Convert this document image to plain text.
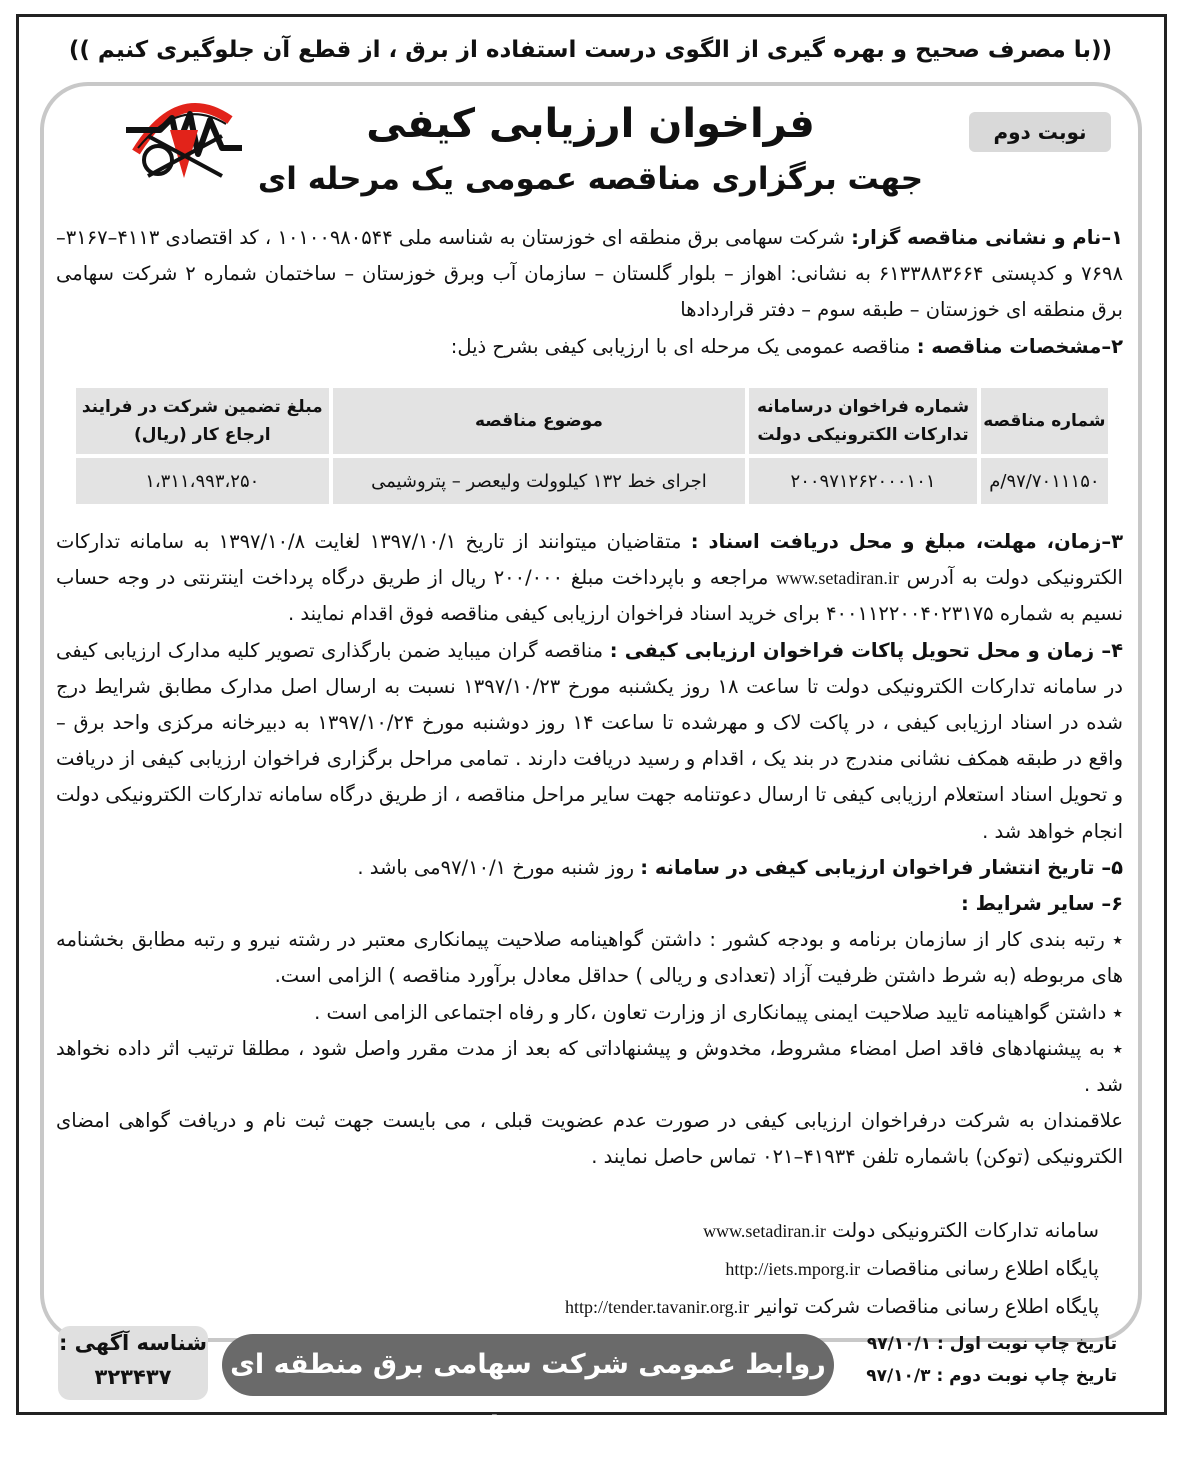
((با مصرف صحیح و بهره گیری از الگوی درست استفاده از برق ، از قطع آن جلوگیری کنیم ))
فراخوان ارزیابی کیفی
جهت برگزاری مناقصه عمومی یک مرحله ای
نوبت دوم

۱–نام و نشانی مناقصه گزار: شرکت سهامی برق منطقه ای خوزستان به شناسه ملی ۱۰۱۰۰۹۸۰۵۴۴ ، کد اقتصادی ۴۱۱۳–۳۱۶۷–۷۶۹۸ و کدپستی ۶۱۳۳۸۸۳۶۶۴ به نشانی: اهواز – بلوار گلستان – سازمان آب وبرق خوزستان – ساختمان شماره ۲ شرکت سهامی برق منطقه ای خوزستان – طبقه سوم – دفتر قراردادها

۲–مشخصات مناقصه : مناقصه عمومی یک مرحله ای با ارزیابی کیفی بشرح ذیل:

شماره مناقصه	شماره فراخوان درسامانه تدارکات الکترونیکی دولت	موضوع مناقصه	مبلغ تضمین شرکت در فرایند ارجاع کار (ریال)
۹۷/۷۰۱۱۱۵۰/م	۲۰۰۹۷۱۲۶۲۰۰۰۱۰۱	اجرای خط ۱۳۲ کیلوولت ولیعصر – پتروشیمی	۱،۳۱۱،۹۹۳،۲۵۰

۳–زمان، مهلت، مبلغ و محل دریافت اسناد : متقاضیان میتوانند از تاریخ ۱۳۹۷/۱۰/۱ لغایت ۱۳۹۷/۱۰/۸ به سامانه تدارکات الکترونیکی دولت به آدرس www.setadiran.ir مراجعه و باپرداخت مبلغ ۲۰۰/۰۰۰ ریال از طریق درگاه پرداخت اینترنتی در وجه حساب نسیم به شماره ۴۰۰۱۱۲۲۰۰۴۰۲۳۱۷۵ برای خرید اسناد فراخوان ارزیابی کیفی مناقصه فوق اقدام نمایند .

۴– زمان و محل تحویل پاکات فراخوان ارزیابی کیفی : مناقصه گران میباید ضمن بارگذاری تصویر کلیه مدارک ارزیابی کیفی در سامانه تدارکات الکترونیکی دولت تا ساعت ۱۸ روز یکشنبه مورخ ۱۳۹۷/۱۰/۲۳ نسبت به ارسال اصل مدارک مطابق شرایط درج شده در اسناد ارزیابی کیفی ، در پاکت لاک و مهرشده تا ساعت ۱۴ روز دوشنبه مورخ ۱۳۹۷/۱۰/۲۴ به دبیرخانه مرکزی واحد برق – واقع در طبقه همکف نشانی مندرج در بند یک ، اقدام و رسید دریافت دارند . تمامی مراحل برگزاری فراخوان ارزیابی کیفی از دریافت و تحویل اسناد استعلام ارزیابی کیفی تا ارسال دعوتنامه جهت سایر مراحل مناقصه ، از طریق درگاه سامانه تدارکات الکترونیکی دولت انجام خواهد شد .

۵– تاریخ انتشار فراخوان ارزیابی کیفی در سامانه : روز شنبه مورخ ۹۷/۱۰/۱می باشد .

۶– سایر شرایط :

٭ رتبه بندی کار از سازمان برنامه و بودجه کشور : داشتن گواهینامه صلاحیت پیمانکاری معتبر در رشته نیرو و رتبه مطابق بخشنامه های مربوطه (به شرط داشتن ظرفیت آزاد (تعدادی و ریالی ) حداقل معادل برآورد مناقصه ) الزامی است.

٭ داشتن گواهینامه تایید صلاحیت ایمنی پیمانکاری از وزارت تعاون ،کار و رفاه اجتماعی الزامی است .

٭ به پیشنهادهای فاقد اصل امضاء مشروط، مخدوش و پیشنهاداتی که بعد از مدت مقرر واصل شود ، مطلقا ترتیب اثر داده نخواهد شد .

علاقمندان به شرکت درفراخوان ارزیابی کیفی در صورت عدم عضویت قبلی ، می بایست جهت ثبت نام و دریافت گواهی امضای الکترونیکی (توکن) باشماره تلفن ۴۱۹۳۴–۰۲۱ تماس حاصل نمایند .

سامانه تدارکات الکترونیکی دولت www.setadiran.ir
پایگاه اطلاع رسانی مناقصات http://iets.mporg.ir
پایگاه اطلاع رسانی مناقصات شرکت توانیر http://tender.tavanir.org.ir
شناسه آگهی :
۳۲۳۴۳۷	روابط عمومی شرکت سهامی برق منطقه ای خوزستان
تاریخ چاپ نوبت اول : ۹۷/۱۰/۱
تاریخ چاپ نوبت دوم : ۹۷/۱۰/۳
